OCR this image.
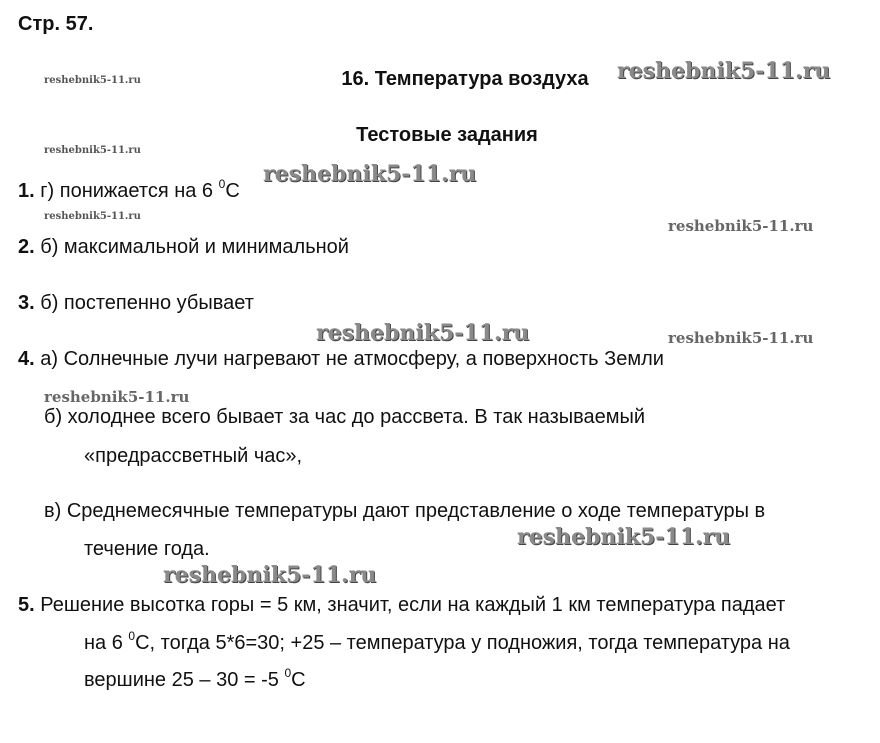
Стр. 57.
16. Температура воздуха
Тестовые задания
reshebnik5-11.ru	reshebnik5-11.ru
reshebnik5-11.ru
reshebnik5-11.ru
reshebnik5-11.ru
reshebnik5-11.ru
reshebnik5-11.ru	reshebnik5-11.ru
reshebnik5-11.ru
reshebnik5-11.ru
reshebnik5-11.ru
1. г) понижается на 6 $^0$С
2. б) максимальной и минимальной
3. б) постепенно убывает
4. а) Солнечные лучи нагревают не атмосферу, а поверхность Земли
б) холоднее всего бывает за час до рассвета. В так называемый
«предрассветный час»,
в) Среднемесячные температуры дают представление о ходе температуры в
течение года.
5. Решение высотка горы = 5 км, значит, если на каждый 1 км температура падает
на 6 $^0$С, тогда 5*6=30; +25 – температура у подножия, тогда температура на
вершине 25 – 30 = -5 $^0$С
